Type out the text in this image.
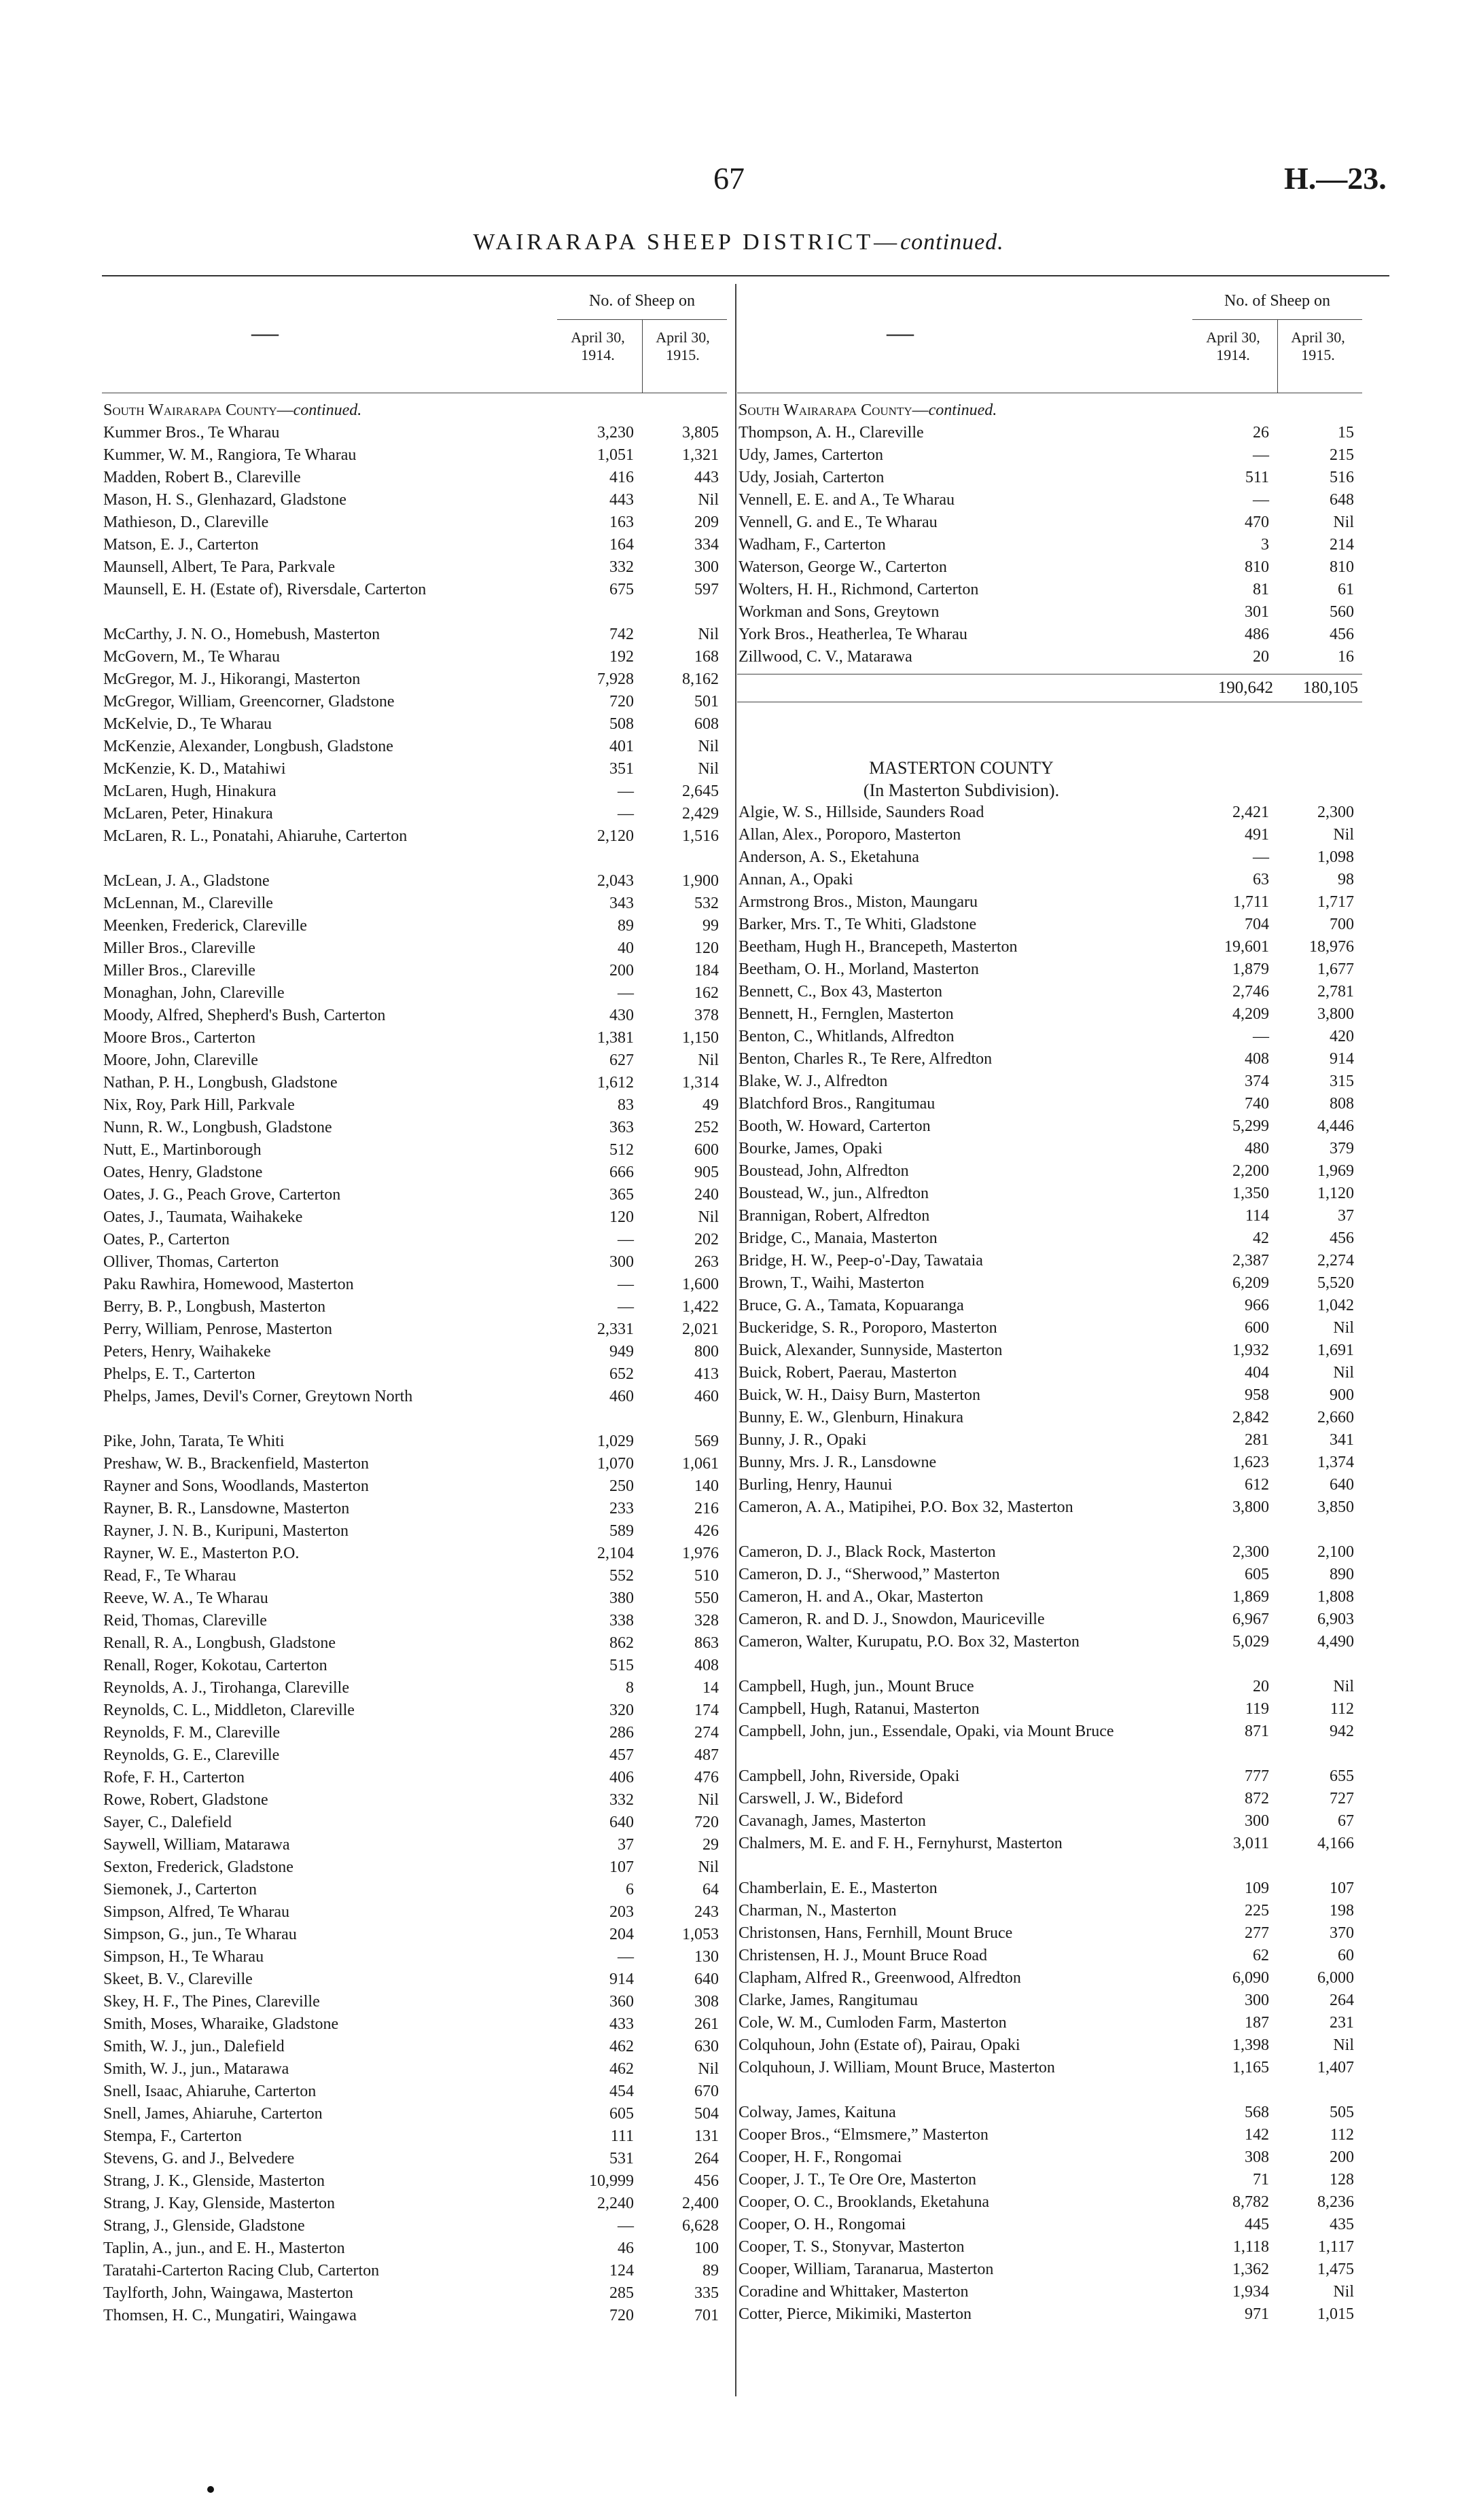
67	H.—23.
WAIRARAPA SHEEP DISTRICT—continued.
—
No. of Sheep on
April 30, 1914.
April 30, 1915.
South Wairarapa County—continued.
Kummer Bros., Te Wharau	3,230	3,805
Kummer, W. M., Rangiora, Te Wharau	1,051	1,321
Madden, Robert B., Clareville	416	443
Mason, H. S., Glenhazard, Gladstone	443	Nil
Mathieson, D., Clareville	163	209
Matson, E. J., Carterton	164	334
Maunsell, Albert, Te Para, Parkvale	332	300
Maunsell, E. H. (Estate of), Riversdale, Carterton	675	597
McCarthy, J. N. O., Homebush, Masterton	742	Nil
McGovern, M., Te Wharau	192	168
McGregor, M. J., Hikorangi, Masterton	7,928	8,162
McGregor, William, Greencorner, Gladstone	720	501
McKelvie, D., Te Wharau	508	608
McKenzie, Alexander, Longbush, Gladstone	401	Nil
McKenzie, K. D., Matahiwi	351	Nil
McLaren, Hugh, Hinakura	—	2,645
McLaren, Peter, Hinakura	—	2,429
McLaren, R. L., Ponatahi, Ahiaruhe, Carterton	2,120	1,516
McLean, J. A., Gladstone	2,043	1,900
McLennan, M., Clareville	343	532
Meenken, Frederick, Clareville	89	99
Miller Bros., Clareville	40	120
Miller Bros., Clareville	200	184
Monaghan, John, Clareville	—	162
Moody, Alfred, Shepherd's Bush, Carterton	430	378
Moore Bros., Carterton	1,381	1,150
Moore, John, Clareville	627	Nil
Nathan, P. H., Longbush, Gladstone	1,612	1,314
Nix, Roy, Park Hill, Parkvale	83	49
Nunn, R. W., Longbush, Gladstone	363	252
Nutt, E., Martinborough	512	600
Oates, Henry, Gladstone	666	905
Oates, J. G., Peach Grove, Carterton	365	240
Oates, J., Taumata, Waihakeke	120	Nil
Oates, P., Carterton	—	202
Olliver, Thomas, Carterton	300	263
Paku Rawhira, Homewood, Masterton	—	1,600
Berry, B. P., Longbush, Masterton	—	1,422
Perry, William, Penrose, Masterton	2,331	2,021
Peters, Henry, Waihakeke	949	800
Phelps, E. T., Carterton	652	413
Phelps, James, Devil's Corner, Greytown North	460	460
Pike, John, Tarata, Te Whiti	1,029	569
Preshaw, W. B., Brackenfield, Masterton	1,070	1,061
Rayner and Sons, Woodlands, Masterton	250	140
Rayner, B. R., Lansdowne, Masterton	233	216
Rayner, J. N. B., Kuripuni, Masterton	589	426
Rayner, W. E., Masterton P.O.	2,104	1,976
Read, F., Te Wharau	552	510
Reeve, W. A., Te Wharau	380	550
Reid, Thomas, Clareville	338	328
Renall, R. A., Longbush, Gladstone	862	863
Renall, Roger, Kokotau, Carterton	515	408
Reynolds, A. J., Tirohanga, Clareville	8	14
Reynolds, C. L., Middleton, Clareville	320	174
Reynolds, F. M., Clareville	286	274
Reynolds, G. E., Clareville	457	487
Rofe, F. H., Carterton	406	476
Rowe, Robert, Gladstone	332	Nil
Sayer, C., Dalefield	640	720
Saywell, William, Matarawa	37	29
Sexton, Frederick, Gladstone	107	Nil
Siemonek, J., Carterton	6	64
Simpson, Alfred, Te Wharau	203	243
Simpson, G., jun., Te Wharau	204	1,053
Simpson, H., Te Wharau	—	130
Skeet, B. V., Clareville	914	640
Skey, H. F., The Pines, Clareville	360	308
Smith, Moses, Wharaike, Gladstone	433	261
Smith, W. J., jun., Dalefield	462	630
Smith, W. J., jun., Matarawa	462	Nil
Snell, Isaac, Ahiaruhe, Carterton	454	670
Snell, James, Ahiaruhe, Carterton	605	504
Stempa, F., Carterton	111	131
Stevens, G. and J., Belvedere	531	264
Strang, J. K., Glenside, Masterton	10,999	456
Strang, J. Kay, Glenside, Masterton	2,240	2,400
Strang, J., Glenside, Gladstone	—	6,628
Taplin, A., jun., and E. H., Masterton	46	100
Taratahi-Carterton Racing Club, Carterton	124	89
Taylforth, John, Waingawa, Masterton	285	335
Thomsen, H. C., Mungatiri, Waingawa	720	701
—
No. of Sheep on
April 30, 1914.
April 30, 1915.
South Wairarapa County—continued.
Thompson, A. H., Clareville	26	15
Udy, James, Carterton	—	215
Udy, Josiah, Carterton	511	516
Vennell, E. E. and A., Te Wharau	—	648
Vennell, G. and E., Te Wharau	470	Nil
Wadham, F., Carterton	3	214
Waterson, George W., Carterton	810	810
Wolters, H. H., Richmond, Carterton	81	61
Workman and Sons, Greytown	301	560
York Bros., Heatherlea, Te Wharau	486	456
Zillwood, C. V., Matarawa	20	16
190,642	180,105
MASTERTON COUNTY
(In Masterton Subdivision).
Algie, W. S., Hillside, Saunders Road	2,421	2,300
Allan, Alex., Poroporo, Masterton	491	Nil
Anderson, A. S., Eketahuna	—	1,098
Annan, A., Opaki	63	98
Armstrong Bros., Miston, Maungaru	1,711	1,717
Barker, Mrs. T., Te Whiti, Gladstone	704	700
Beetham, Hugh H., Brancepeth, Masterton	19,601	18,976
Beetham, O. H., Morland, Masterton	1,879	1,677
Bennett, C., Box 43, Masterton	2,746	2,781
Bennett, H., Fernglen, Masterton	4,209	3,800
Benton, C., Whitlands, Alfredton	—	420
Benton, Charles R., Te Rere, Alfredton	408	914
Blake, W. J., Alfredton	374	315
Blatchford Bros., Rangitumau	740	808
Booth, W. Howard, Carterton	5,299	4,446
Bourke, James, Opaki	480	379
Boustead, John, Alfredton	2,200	1,969
Boustead, W., jun., Alfredton	1,350	1,120
Brannigan, Robert, Alfredton	114	37
Bridge, C., Manaia, Masterton	42	456
Bridge, H. W., Peep-o'-Day, Tawataia	2,387	2,274
Brown, T., Waihi, Masterton	6,209	5,520
Bruce, G. A., Tamata, Kopuaranga	966	1,042
Buckeridge, S. R., Poroporo, Masterton	600	Nil
Buick, Alexander, Sunnyside, Masterton	1,932	1,691
Buick, Robert, Paerau, Masterton	404	Nil
Buick, W. H., Daisy Burn, Masterton	958	900
Bunny, E. W., Glenburn, Hinakura	2,842	2,660
Bunny, J. R., Opaki	281	341
Bunny, Mrs. J. R., Lansdowne	1,623	1,374
Burling, Henry, Haunui	612	640
Cameron, A. A., Matipihei, P.O. Box 32, Masterton	3,800	3,850
Cameron, D. J., Black Rock, Masterton	2,300	2,100
Cameron, D. J., “Sherwood,” Masterton	605	890
Cameron, H. and A., Okar, Masterton	1,869	1,808
Cameron, R. and D. J., Snowdon, Mauriceville	6,967	6,903
Cameron, Walter, Kurupatu, P.O. Box 32, Masterton	5,029	4,490
Campbell, Hugh, jun., Mount Bruce	20	Nil
Campbell, Hugh, Ratanui, Masterton	119	112
Campbell, John, jun., Essendale, Opaki, via Mount Bruce	871	942
Campbell, John, Riverside, Opaki	777	655
Carswell, J. W., Bideford	872	727
Cavanagh, James, Masterton	300	67
Chalmers, M. E. and F. H., Fernyhurst, Masterton	3,011	4,166
Chamberlain, E. E., Masterton	109	107
Charman, N., Masterton	225	198
Christonsen, Hans, Fernhill, Mount Bruce	277	370
Christensen, H. J., Mount Bruce Road	62	60
Clapham, Alfred R., Greenwood, Alfredton	6,090	6,000
Clarke, James, Rangitumau	300	264
Cole, W. M., Cumloden Farm, Masterton	187	231
Colquhoun, John (Estate of), Pairau, Opaki	1,398	Nil
Colquhoun, J. William, Mount Bruce, Masterton	1,165	1,407
Colway, James, Kaituna	568	505
Cooper Bros., “Elmsmere,” Masterton	142	112
Cooper, H. F., Rongomai	308	200
Cooper, J. T., Te Ore Ore, Masterton	71	128
Cooper, O. C., Brooklands, Eketahuna	8,782	8,236
Cooper, O. H., Rongomai	445	435
Cooper, T. S., Stonyvar, Masterton	1,118	1,117
Cooper, William, Taranarua, Masterton	1,362	1,475
Coradine and Whittaker, Masterton	1,934	Nil
Cotter, Pierce, Mikimiki, Masterton	971	1,015
